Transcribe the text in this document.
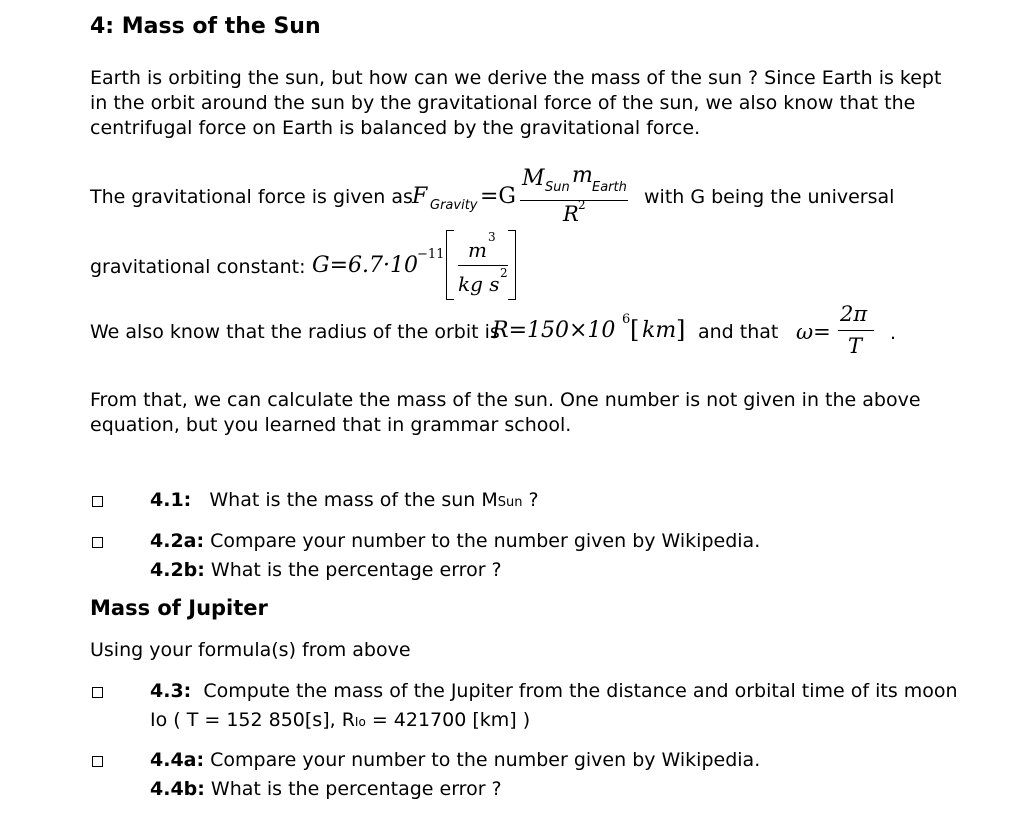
4: Mass of the Sun

Earth is orbiting the sun, but how can we derive the mass of the sun ? Since Earth is kept in the orbit around the sun by the gravitational force of the sun, we also know that the centrifugal force on Earth is balanced by the gravitational force.

The gravitational force is given as F Gravity =G
M Sun m Earth
R 2	with G being the universal
gravitational constant: G=6.7·10 −11 m
3
kg s 2
We also know that the radius of the orbit is
R=150×10 6 [ km ] and that ω=
2π
T
.

From that, we can calculate the mass of the sun. One number is not given in the above equation, but you learned that in grammar school.

4.1: What is the mass of the sun MSun ?
4.2a: Compare your number to the number given by Wikipedia.
4.2b: What is the percentage error ?
Mass of Jupiter
Using your formula(s) from above
4.3: Compute the mass of the Jupiter from the distance and orbital time of its moon
Io ( T = 152 850[s], RIo = 421700 [km] )
4.4a: Compare your number to the number given by Wikipedia.
4.4b: What is the percentage error ?
